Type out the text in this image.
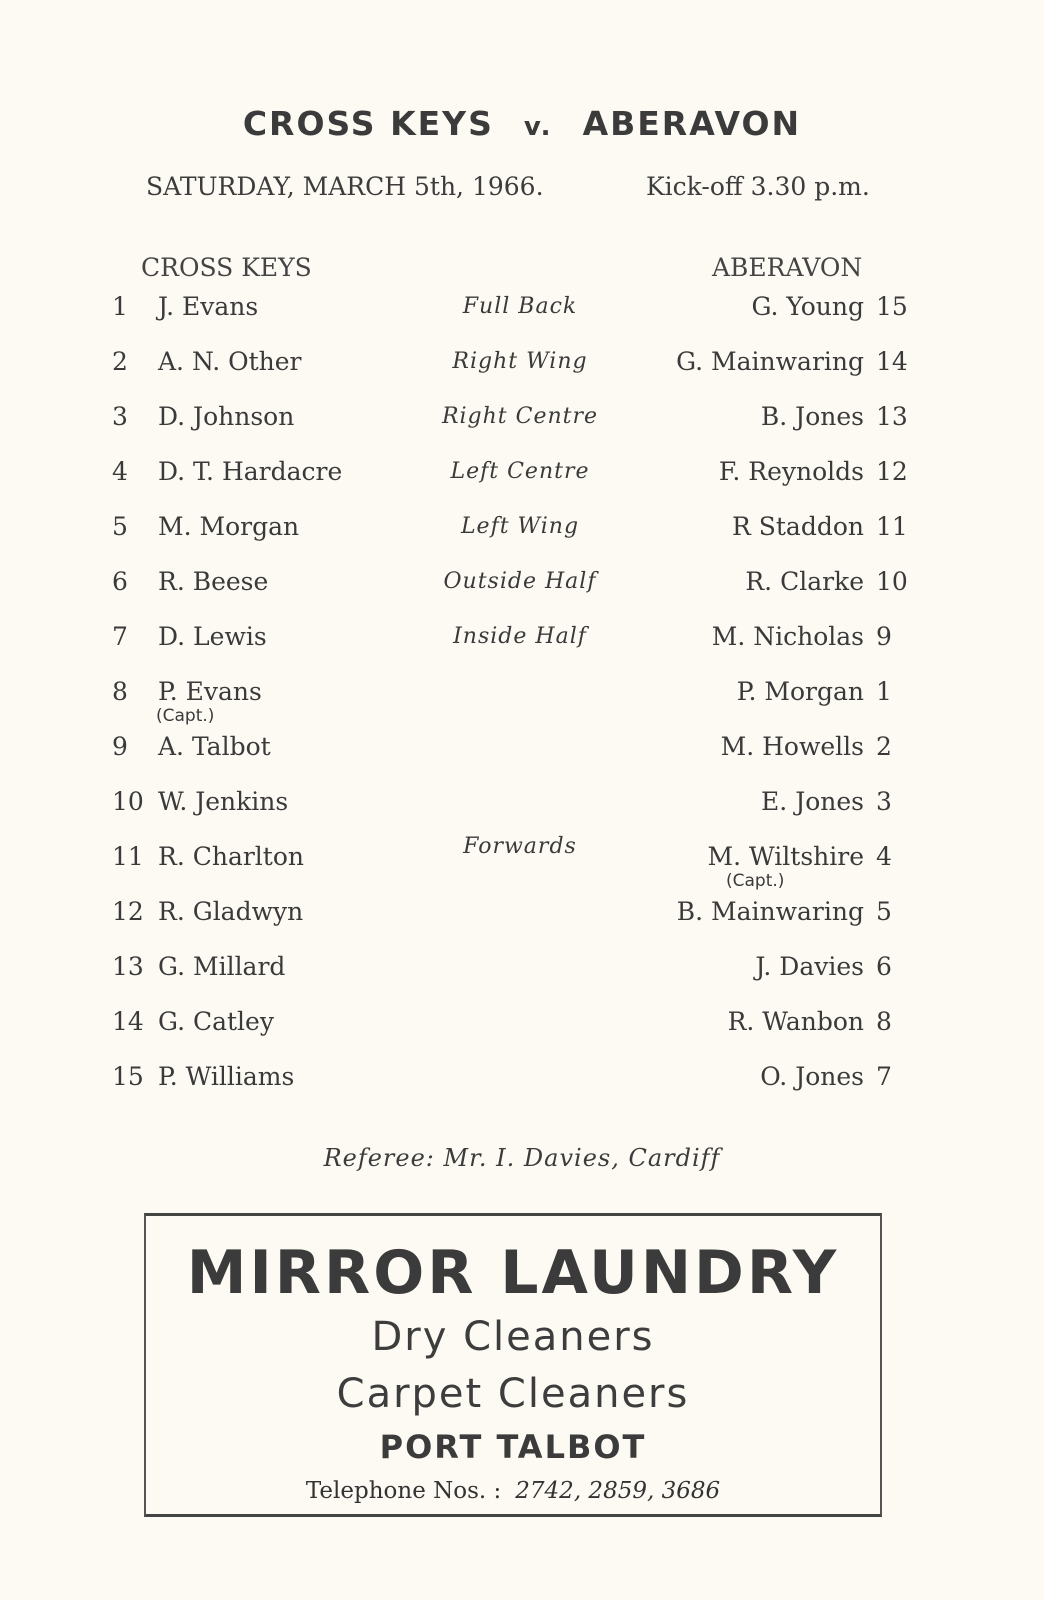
CROSS KEYS v. ABERAVON
SATURDAY, MARCH 5th, 1966.	Kick-off 3.30 p.m.
CROSS KEYS	ABERAVON
1	J. Evans	Full Back	G. Young 15
2	A. N. Other	Right Wing	G. Mainwaring 14
3	D. Johnson	Right Centre	B. Jones 13
4	D. T. Hardacre	Left Centre	F. Reynolds 12
5	M. Morgan	Left Wing	R Staddon 11
6	R. Beese	Outside Half	R. Clarke 10
7	D. Lewis	Inside Half	M. Nicholas 9
8	P. Evans	P. Morgan 1
9	A. Talbot	M. Howells 2
10 W. Jenkins	E. Jones 3
11 R. Charlton	M. Wiltshire 4
12 R. Gladwyn	B. Mainwaring 5
13 G. Millard	J. Davies 6
14 G. Catley	R. Wanbon 8
15 P. Williams	O. Jones 7
(Capt.)
(Capt.)
Forwards
Referee: Mr. I. Davies, Cardiff
MIRROR LAUNDRY
Dry Cleaners
Carpet Cleaners
PORT TALBOT
Telephone Nos. : 2742, 2859, 3686
